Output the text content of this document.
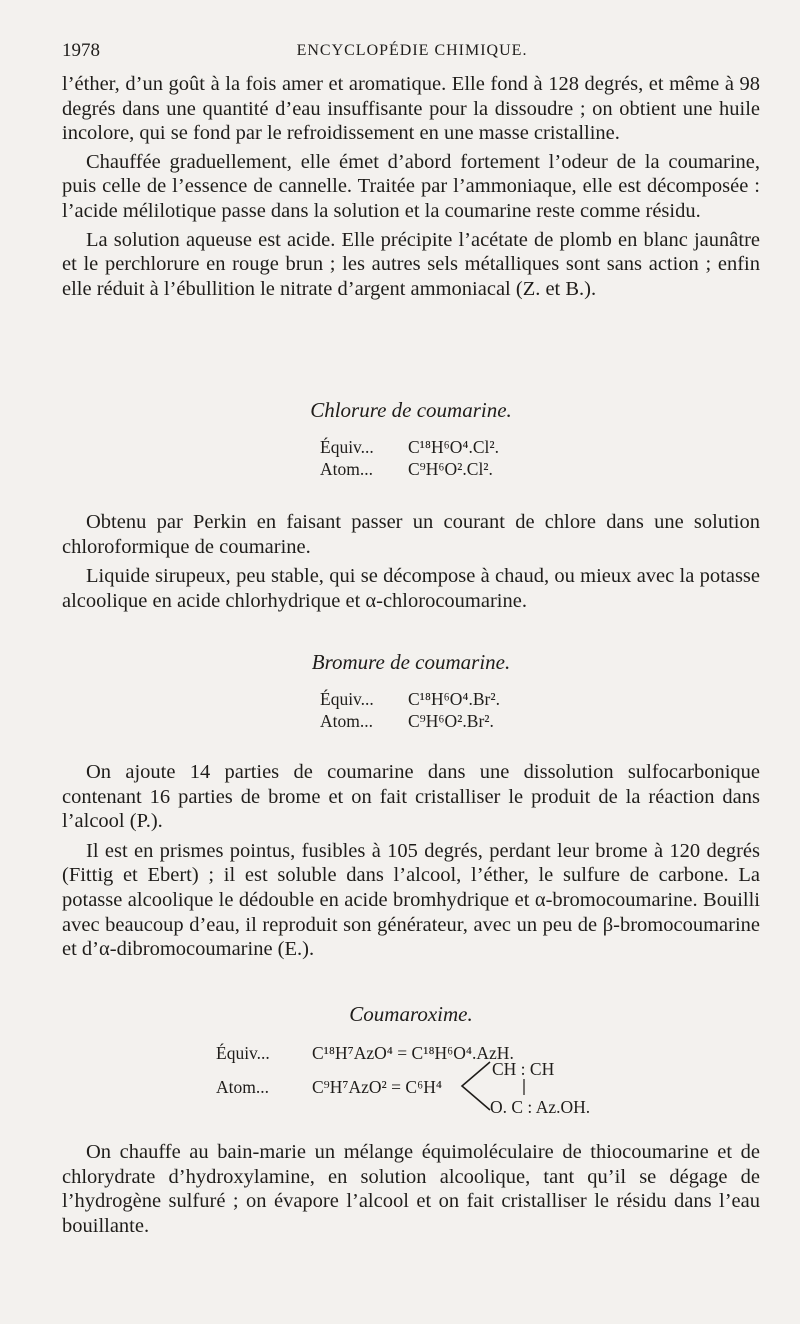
1978	ENCYCLOPÉDIE CHIMIQUE.

l’éther, d’un goût à la fois amer et aromatique. Elle fond à 128 degrés, et même à 98 degrés dans une quantité d’eau insuffisante pour la dissoudre ; on obtient une huile incolore, qui se fond par le refroidissement en une masse cristalline.

Chauffée graduellement, elle émet d’abord fortement l’odeur de la coumarine, puis celle de l’essence de cannelle. Traitée par l’ammoniaque, elle est décomposée : l’acide mélilotique passe dans la solution et la coumarine reste comme résidu.

La solution aqueuse est acide. Elle précipite l’acétate de plomb en blanc jaunâtre et le perchlorure en rouge brun ; les autres sels métalliques sont sans action ; enfin elle réduit à l’ébullition le nitrate d’argent ammoniacal (Z. et B.).

Chlorure de coumarine.
Équiv... C¹⁸H⁶O⁴.Cl².
Atom... C⁹H⁶O².Cl².

Obtenu par Perkin en faisant passer un courant de chlore dans une solution chloroformique de coumarine.

Liquide sirupeux, peu stable, qui se décompose à chaud, ou mieux avec la potasse alcoolique en acide chlorhydrique et α-chlorocoumarine.

Bromure de coumarine.
Équiv... C¹⁸H⁶O⁴.Br².
Atom... C⁹H⁶O².Br².

On ajoute 14 parties de coumarine dans une dissolution sulfocarbonique contenant 16 parties de brome et on fait cristalliser le produit de la réaction dans l’alcool (P.).

Il est en prismes pointus, fusibles à 105 degrés, perdant leur brome à 120 degrés (Fittig et Ebert) ; il est soluble dans l’alcool, l’éther, le sulfure de carbone. La potasse alcoolique le dédouble en acide bromhydrique et α-bromocoumarine. Bouilli avec beaucoup d’eau, il reproduit son générateur, avec un peu de β-bromocoumarine et d’α-dibromocoumarine (E.).

Coumaroxime.
Équiv... C¹⁸H⁷AzO⁴ = C¹⁸H⁶O⁴.AzH.
Atom... C⁹H⁷AzO² = C⁶H⁴
CH : CH
O. C : Az.OH.

On chauffe au bain-marie un mélange équimoléculaire de thiocoumarine et de chlorydrate d’hydroxylamine, en solution alcoolique, tant qu’il se dégage de l’hydrogène sulfuré ; on évapore l’alcool et on fait cristalliser le résidu dans l’eau bouillante.
